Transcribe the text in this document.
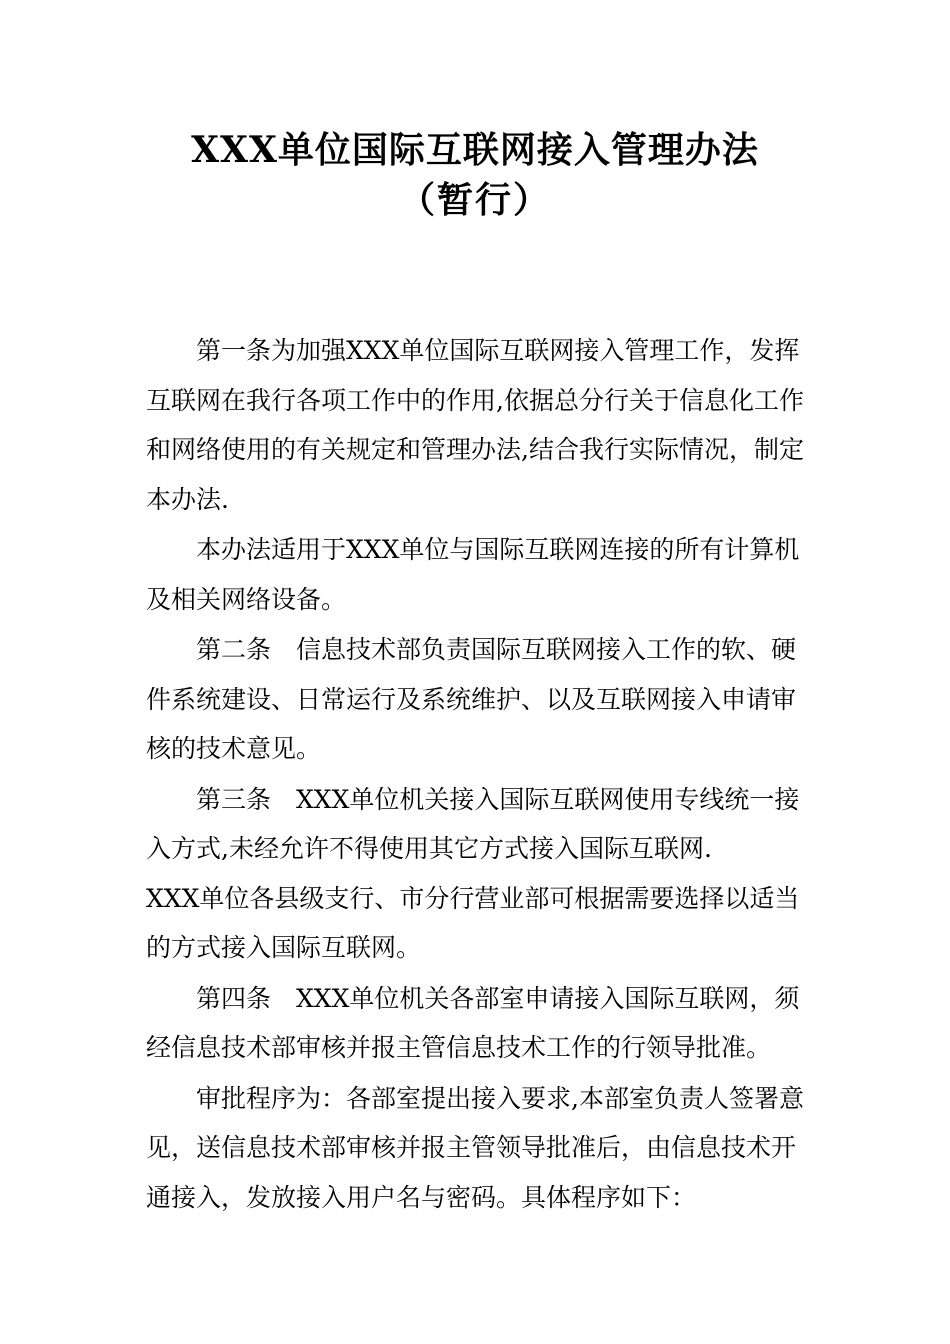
XXX单位国际互联网接入管理办法
（暂行）

第一条为加强XXX单位国际互联网接入管理工作，发挥互联网在我行各项工作中的作用,依据总分行关于信息化工作和网络使用的有关规定和管理办法,结合我行实际情况，制定本办法.

本办法适用于XXX单位与国际互联网连接的所有计算机及相关网络设备。

第二条　信息技术部负责国际互联网接入工作的软、硬件系统建设、日常运行及系统维护、以及互联网接入申请审核的技术意见。

第三条　XXX单位机关接入国际互联网使用专线统一接入方式,未经允许不得使用其它方式接入国际互联网.

XXX单位各县级支行、市分行营业部可根据需要选择以适当的方式接入国际互联网。

第四条　XXX单位机关各部室申请接入国际互联网，须经信息技术部审核并报主管信息技术工作的行领导批准。

审批程序为：各部室提出接入要求,本部室负责人签署意见，送信息技术部审核并报主管领导批准后，由信息技术开通接入，发放接入用户名与密码。具体程序如下：
